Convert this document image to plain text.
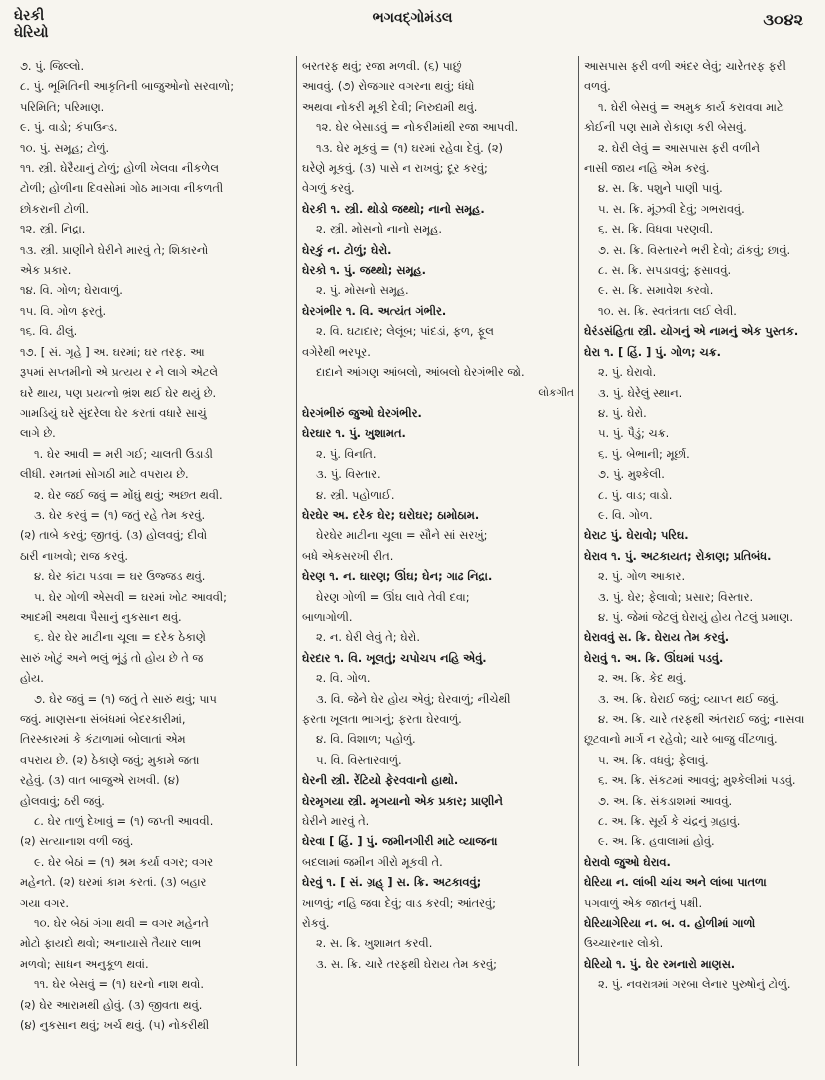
ઘેરકી
ઘેરિયો
ભગવદ્ગોમંડલ	૩૦૪૨
૭. પું. જિલ્લો.
૮. પું. ભૂમિતિની આકૃતિની બાજુઓનો સરવાળો;
પરિમિતિ; પરિમાણ.
૯. પું. વાડો; કંપાઉન્ડ.
૧૦. પું. સમૂહ; ટોળું.
૧૧. સ્ત્રી. ઘેરૈયાનું ટોળું; હોળી ખેલવા નીકળેલ
ટોળી; હોળીના દિવસોમાં ગોઠ માગવા નીકળતી
છોકરાની ટોળી.
૧૨. સ્ત્રી. નિદ્રા.
૧૩. સ્ત્રી. પ્રાણીને ઘેરીને મારવું તે; શિકારનો
એક પ્રકાર.
૧૪. વિ. ગોળ; ઘેરાવાળું.
૧૫. વિ. ગોળ ફરતું.
૧૬. વિ. ઢીલું.
૧૭. [ સં. ગૃહે ] અ. ઘરમાં; ઘર તરફ. આ
રૂપમાં સપ્તમીનો એ પ્રત્યય ર ને લાગે એટલે
ઘરે થાય, પણ પ્રયત્નો ભ્રંશ થઈ ઘેર થયું છે.
ગામડિયું ઘરે સુંદરેલા ઘેર કરતાં વધારે સાચું
લાગે છે.
૧. ઘેર આવી = મરી ગઈ; ચાલતી ઉડાડી
લીધી. રમતમાં સોગઠી માટે વપરાય છે.
૨. ઘેર જઈ જવું = મોંઘું થવું; અછત થવી.
૩. ઘેર કરવું = (૧) જતું રહે તેમ કરવું.
(૨) તાબે કરવું; જીતવું. (૩) હોલવવું; દીવો
ઠારી નાખવો; રાજ કરવું.
૪. ઘેર કાંટા પડવા = ઘર ઉજ્જડ થવું.
૫. ઘેર ગોળી એસવી = ઘરમાં ખોટ આવવી;
આદમી અથવા પૈસાનું નુકસાન થવું.
૬. ઘેર ઘેર માટીના ચૂલા = દરેક ઠેકાણે
સારું ખોટું અને ભલું ભૂંડું તો હોય છે તે જ
હોય.
૭. ઘેર જવું = (૧) જતું તે સારું થવું; પાપ
જવું. માણસના સંબંધમાં બેદરકારીમાં,
તિરસ્કારમાં કે કંટાળામાં બોલાતાં એમ
વપરાય છે. (૨) ઠેકાણે જવું; મુકામે જતા
રહેવું. (૩) વાત બાજુએ રાખવી. (૪)
હોલવાવું; ઠરી જવું.
૮. ઘેર તાળું દેખાવું = (૧) જપ્તી આવવી.
(૨) સત્યાનાશ વળી જવું.
૯. ઘેર બેઠાં = (૧) શ્રમ કર્યા વગર; વગર
મહેનતે. (૨) ઘરમાં કામ કરતાં. (૩) બહાર
ગયા વગર.
૧૦. ઘેર બેઠાં ગંગા થવી = વગર મહેનતે
મોટો ફાયદો થવો; અનાયાસે તૈયાર લાભ
મળવો; સાધન અનુકૂળ થવાં.
૧૧. ઘેર બેસવું = (૧) ઘરનો નાશ થવો.
(૨) ઘેર આરામથી હોવું. (૩) જીવતા થવું.
(૪) નુકસાન થવું; ખર્ચ થવું. (૫) નોકરીથી
બરતરફ થવું; રજા મળવી. (૬) પાછું
આવવું. (૭) રોજગાર વગરના થવું; ધંધો
અથવા નોકરી મૂકી દેવી; નિરુદ્યમી થવું.
૧૨. ઘેર બેસાડવું = નોકરીમાંથી રજા આપવી.
૧૩. ઘેર મૂકવું = (૧) ઘરમાં રહેવા દેવું. (૨)
ઘરેણે મૂકવું. (૩) પાસે ન રાખવું; દૂર કરવું;
વેગળું કરવું.
ઘેરકી ૧. સ્ત્રી. થોડો જથ્થો; નાનો સમૂહ.
૨. સ્ત્રી. મોસનો નાનો સમૂહ.
ઘેરકું ન. ટોળું; ઘેરો.
ઘેરકો ૧. પું. જથ્થો; સમૂહ.
૨. પું. મોસનો સમૂહ.
ઘેરગંભીર ૧. વિ. અત્યંત ગંભીર.
૨. વિ. ઘટાદાર; લેલૂંબ; પાંદડાં, ફળ, ફૂલ
વગેરેથી ભરપૂર.
દાદાને આંગણ આંબલો, આંબલો ઘેરગંભીર જો.
લોકગીત
ઘેરગંભીરું જુઓ ઘેરગંભીર.
ઘેરઘાર ૧. પું. ખુશામત.
૨. પું. વિનતિ.
૩. પું. વિસ્તાર.
૪. સ્ત્રી. પહોળાઈ.
ઘેરઘેર અ. દરેક ઘેર; ઘરોઘર; ઠામોઠામ.
ઘેરઘેર માટીના ચૂલા = સૌને સાં સરખું;
બધે એકસરખી રીત.
ઘેરણ ૧. ન. ઘારણ; ઊંઘ; ઘેન; ગાઢ નિદ્રા.
ઘેરણ ગોળી = ઊંઘ લાવે તેવી દવા;
બાળાગોળી.
૨. ન. ઘેરી લેવું તે; ઘેરો.
ઘેરદાર ૧. વિ. ખૂલતું; ચપોચપ નહિ એવું.
૨. વિ. ગોળ.
૩. વિ. જેને ઘેર હોય એવું; ઘેરવાળું; નીચેથી
ફરતા ખૂલતા ભાગનું; ફરતા ઘેરવાળું.
૪. વિ. વિશાળ; પહોળું.
૫. વિ. વિસ્તારવાળું.
ઘેરની સ્ત્રી. રેંટિયો ફેરવવાનો હાથો.
ઘેરમૃગયા સ્ત્રી. મૃગયાનો એક પ્રકાર; પ્રાણીને
ઘેરીને મારવું તે.
ઘેરવા [ હિં. ] પું. જમીનગીરી માટે વ્યાજના
બદલામાં જમીન ગીરો મૂકવી તે.
ઘેરવું ૧. [ સં. ગ્રહ્ ] સ. ક્રિ. અટકાવવું;
ખાળવું; નહિ જવા દેવું; વાડ કરવી; આંતરવું;
રોકવું.
૨. સ. ક્રિ. ખુશામત કરવી.
૩. સ. ક્રિ. ચારે તરફથી ઘેરાય તેમ કરવું;
આસપાસ ફરી વળી અંદર લેવું; ચારેતરફ ફરી
વળવું.
૧. ઘેરી બેસવું = અમુક કાર્ય કરાવવા માટે
કોઈની પણ સામે રોકાણ કરી બેસવું.
૨. ઘેરી લેવું = આસપાસ ફરી વળીને
નાસી જાય નહિ એમ કરવું.
૪. સ. ક્રિ. પશુને પાણી પાવું.
૫. સ. ક્રિ. મૂંઝવી દેવું; ગભરાવવું.
૬. સ. ક્રિ. વિધવા પરણવી.
૭. સ. ક્રિ. વિસ્તારને ભરી દેવો; ઢાંકવું; છાવું.
૮. સ. ક્રિ. સપડાવવું; ફસાવવું.
૯. સ. ક્રિ. સમાવેશ કરવો.
૧૦. સ. ક્રિ. સ્વતંત્રતા લઈ લેવી.
ઘેરંડસંહિતા સ્ત્રી. યોગનું એ નામનું એક પુસ્તક.
ઘેરા ૧. [ હિં. ] પું. ગોળ; ચક્ર.
૨. પું. ઘેરાવો.
૩. પું. ઘેરેલું સ્થાન.
૪. પું. ઘેરો.
૫. પું. પૈડું; ચક્ર.
૬. પું. બેભાની; મૂર્છા.
૭. પું. મુશ્કેલી.
૮. પું. વાડ; વાડો.
૯. વિ. ગોળ.
ઘેરાટ પું. ઘેરાવો; પરિઘ.
ઘેરાવ ૧. પું. અટકાયત; રોકાણ; પ્રતિબંધ.
૨. પું. ગોળ આકાર.
૩. પું. ઘેર; ફેલાવો; પ્રસાર; વિસ્તાર.
૪. પું. જેમાં જેટલું ઘેરાયું હોય તેટલું પ્રમાણ.
ઘેરાવવું સ. ક્રિ. ઘેરાય તેમ કરવું.
ઘેરાવું ૧. અ. ક્રિ. ઊંઘમાં પડવું.
૨. અ. ક્રિ. કેદ થવું.
૩. અ. ક્રિ. ઘેરાઈ જવું; વ્યાપ્ત થઈ જવું.
૪. અ. ક્રિ. ચારે તરફથી અંતરાઈ જવું; નાસવા
છૂટવાનો માર્ગ ન રહેવો; ચારે બાજુ વીંટળાવું.
૫. અ. ક્રિ. વધવું; ફેલાવું.
૬. અ. ક્રિ. સંકટમાં આવવું; મુશ્કેલીમાં પડવું.
૭. અ. ક્રિ. સંકડાશમાં આવવું.
૮. અ. ક્રિ. સૂર્ય કે ચંદ્રનું ગ્રહાવું.
૯. અ. ક્રિ. હવાલામાં હોવું.
ઘેરાવો જુઓ ઘેરાવ.
ઘેરિયા ન. લાંબી ચાંચ અને લાંબા પાતળા
પગવાળું એક જાતનું પક્ષી.
ઘેરિયાગેરિયા ન. બ. વ. હોળીમાં ગાળો
ઉચ્ચારનાર લોકો.
ઘેરિયો ૧. પું. ઘેર રમનારો માણસ.
૨. પું. નવરાત્રમાં ગરબા લેનાર પુરુષોનું ટોળું.
